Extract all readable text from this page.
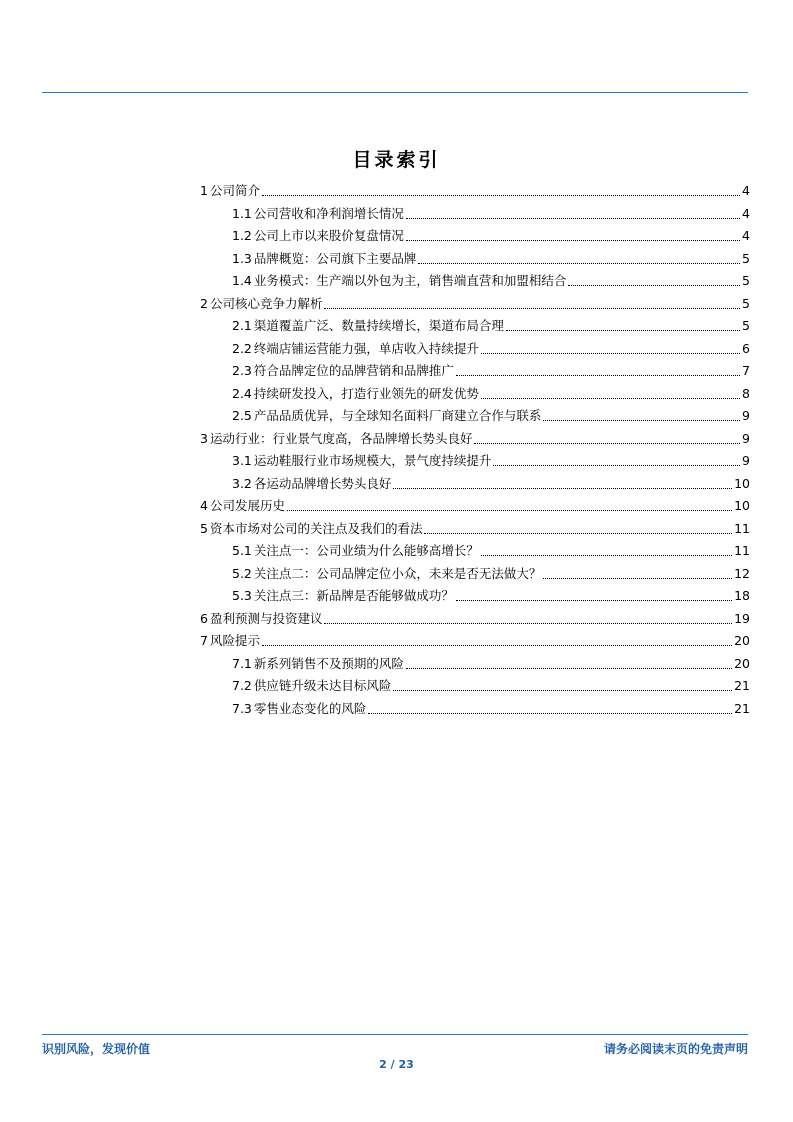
目录索引
1 公司简介	4
1.1 公司营收和净利润增长情况	4
1.2 公司上市以来股价复盘情况	4
1.3 品牌概览：公司旗下主要品牌	5
1.4 业务模式：生产端以外包为主，销售端直营和加盟相结合	5
2 公司核心竞争力解析	5
2.1 渠道覆盖广泛、数量持续增长，渠道布局合理	5
2.2 终端店铺运营能力强，单店收入持续提升	6
2.3 符合品牌定位的品牌营销和品牌推广	7
2.4 持续研发投入，打造行业领先的研发优势	8
2.5 产品品质优异，与全球知名面料厂商建立合作与联系	9
3 运动行业：行业景气度高，各品牌增长势头良好	9
3.1 运动鞋服行业市场规模大，景气度持续提升	9
3.2 各运动品牌增长势头良好	10
4 公司发展历史	10
5 资本市场对公司的关注点及我们的看法	11
5.1 关注点一：公司业绩为什么能够高增长？	11
5.2 关注点二：公司品牌定位小众，未来是否无法做大？	12
5.3 关注点三：新品牌是否能够做成功？	18
6 盈利预测与投资建议	19
7 风险提示	20
7.1 新系列销售不及预期的风险	20
7.2 供应链升级未达目标风险	21
7.3 零售业态变化的风险	21
识别风险，发现价值	请务必阅读末页的免责声明
2 / 23
